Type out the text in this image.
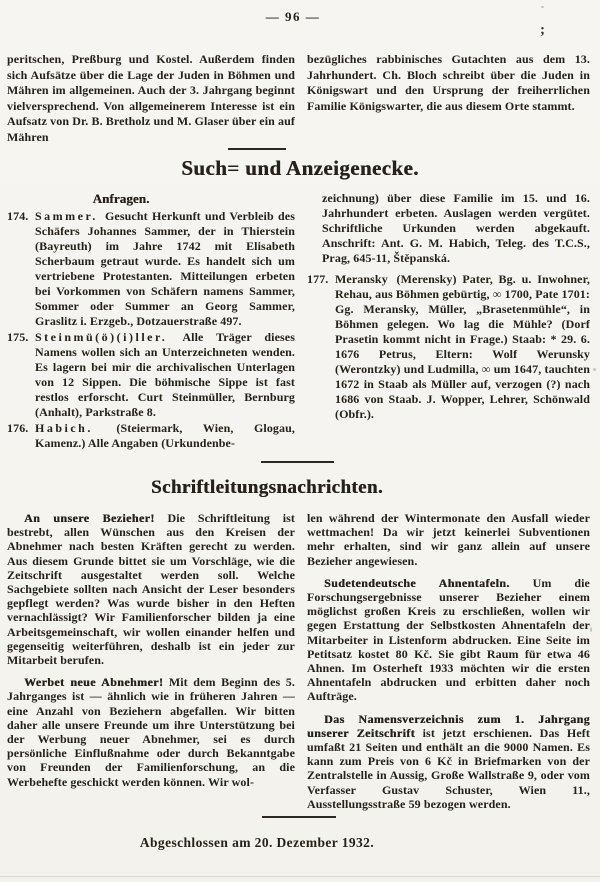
— 96 —
;
peritschen, Preßburg und Kostel. Außerdem finden sich Aufsätze über die Lage der Juden in Böhmen und Mähren im allgemeinen. Auch der 3. Jahrgang beginnt vielversprechend. Von allgemeinerem Interesse ist ein Aufsatz von Dr. B. Bretholz und M. Glaser über ein auf Mähren
bezügliches rabbinisches Gutachten aus dem 13. Jahrhundert. Ch. Bloch schreibt über die Juden in Königswart und den Ursprung der freiherrlichen Familie Königswarter, die aus diesem Orte stammt.
Such= und Anzeigenecke.
Anfragen.
174. Sammer. Gesucht Herkunft und Verbleib des Schäfers Johannes Sammer, der in Thierstein (Bayreuth) im Jahre 1742 mit Elisabeth Scherbaum getraut wurde. Es handelt sich um vertriebene Protestanten. Mitteilungen erbeten bei Vorkommen von Schäfern namens Sammer, Sommer oder Summer an Georg Sammer, Graslitz i. Erzgeb., Dotzauerstraße 497.
175. Steinmü(ö)(i)ller. Alle Träger dieses Namens wollen sich an Unterzeichneten wenden. Es lagern bei mir die archivalischen Unterlagen von 12 Sippen. Die böhmische Sippe ist fast restlos erforscht. Curt Steinmüller, Bernburg (Anhalt), Parkstraße 8.
176. Habich. (Steiermark, Wien, Glogau, Kamenz.) Alle Angaben (Urkundenbe-
zeichnung) über diese Familie im 15. und 16. Jahrhundert erbeten. Auslagen werden vergütet. Schriftliche Urkunden werden abgekauft. Anschrift: Ant. G. M. Habich, Teleg. des T.C.S., Prag, 645-11, Štěpanská.
177. Meransky (Merensky) Pater, Bg. u. Inwohner, Rehau, aus Böhmen gebürtig, ∞ 1700, Pate 1701: Gg. Meransky, Müller, „Brasetenmühle“, in Böhmen gelegen. Wo lag die Mühle? (Dorf Prasetin kommt nicht in Frage.) Staab: * 29. 6. 1676 Petrus, Eltern: Wolf Werunsky (Werontzky) und Ludmilla, ∞ um 1647, tauchten 1672 in Staab als Müller auf, verzogen (?) nach 1686 von Staab. J. Wopper, Lehrer, Schönwald (Obfr.).
Schriftleitungsnachrichten.

An unsere Bezieher! Die Schriftleitung ist bestrebt, allen Wünschen aus den Kreisen der Abnehmer nach besten Kräften gerecht zu werden. Aus diesem Grunde bittet sie um Vorschläge, wie die Zeitschrift ausgestaltet werden soll. Welche Sachgebiete sollten nach Ansicht der Leser besonders gepflegt werden? Was wurde bisher in den Heften vernachlässigt? Wir Familienforscher bilden ja eine Arbeitsgemeinschaft, wir wollen einander helfen und gegenseitig weiterführen, deshalb ist ein jeder zur Mitarbeit berufen.

Werbet neue Abnehmer! Mit dem Beginn des 5. Jahrganges ist — ähnlich wie in früheren Jahren — eine Anzahl von Beziehern abgefallen. Wir bitten daher alle unsere Freunde um ihre Unterstützung bei der Werbung neuer Abnehmer, sei es durch persönliche Einflußnahme oder durch Bekanntgabe von Freunden der Familienforschung, an die Werbehefte geschickt werden können. Wir wol-

len während der Wintermonate den Ausfall wieder wettmachen! Da wir jetzt keinerlei Subventionen mehr erhalten, sind wir ganz allein auf unsere Bezieher angewiesen.

Sudetendeutsche Ahnentafeln. Um die Forschungsergebnisse unserer Bezieher einem möglichst großen Kreis zu erschließen, wollen wir gegen Erstattung der Selbstkosten Ahnentafeln der Mitarbeiter in Listenform abdrucken. Eine Seite im Petitsatz kostet 80 Kč. Sie gibt Raum für etwa 46 Ahnen. Im Osterheft 1933 möchten wir die ersten Ahnentafeln abdrucken und erbitten daher noch Aufträge.

Das Namensverzeichnis zum 1. Jahrgang unserer Zeitschrift ist jetzt erschienen. Das Heft umfaßt 21 Seiten und enthält an die 9000 Namen. Es kann zum Preis von 6 Kč in Briefmarken von der Zentralstelle in Aussig, Große Wallstraße 9, oder vom Verfasser Gustav Schuster, Wien 11., Ausstellungsstraße 59 bezogen werden.

Abgeschlossen am 20. Dezember 1932.
